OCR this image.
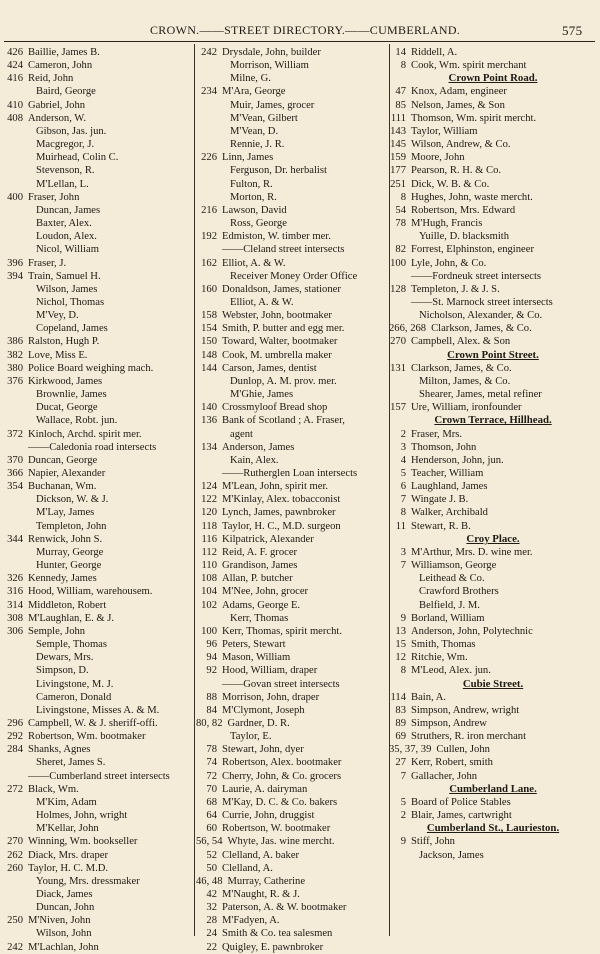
CROWN.——STREET DIRECTORY.——CUMBERLAND.	575
426 Baillie, James B.
424 Cameron, John
416 Reid, John
Baird, George
410 Gabriel, John
408 Anderson, W.
Gibson, Jas. jun.
Macgregor, J.
Muirhead, Colin C.
Stevenson, R.
M'Lellan, L.
400 Fraser, John
Duncan, James
Baxter, Alex.
Loudon, Alex.
Nicol, William
396 Fraser, J.
394 Train, Samuel H.
Wilson, James
Nichol, Thomas
M'Vey, D.
Copeland, James
386 Ralston, Hugh P.
382 Love, Miss E.
380 Police Board weighing mach.
376 Kirkwood, James
Brownlie, James
Ducat, George
Wallace, Robt. jun.
372 Kinloch, Archd. spirit mer.
——Caledonia road intersects
370 Duncan, George
366 Napier, Alexander
354 Buchanan, Wm.
Dickson, W. & J.
M'Lay, James
Templeton, John
344 Renwick, John S.
Murray, George
Hunter, George
326 Kennedy, James
316 Hood, William, warehousem.
314 Middleton, Robert
308 M'Laughlan, E. & J.
306 Semple, John
Semple, Thomas
Dewars, Mrs.
Simpson, D.
Livingstone, M. J.
Cameron, Donald
Livingstone, Misses A. & M.
296 Campbell, W. & J. sheriff-offi.
292 Robertson, Wm. bootmaker
284 Shanks, Agnes
Sheret, James S.
——Cumberland street intersects
272 Black, Wm.
M'Kim, Adam
Holmes, John, wright
M'Kellar, John
270 Winning, Wm. bookseller
262 Diack, Mrs. draper
260 Taylor, H. C. M.D.
Young, Mrs. dressmaker
Diack, James
Duncan, John
250 M'Niven, John
Wilson, John
242 M'Lachlan, John
242 Drysdale, John, builder
Morrison, William
Milne, G.
234 M'Ara, George
Muir, James, grocer
M'Vean, Gilbert
M'Vean, D.
Rennie, J. R.
226 Linn, James
Ferguson, Dr. herbalist
Fulton, R.
Morton, R.
216 Lawson, David
Ross, George
192 Edmiston, W. timber mer.
——Cleland street intersects
162 Elliot, A. & W.
Receiver Money Order Office
160 Donaldson, James, stationer
Elliot, A. & W.
158 Webster, John, bootmaker
154 Smith, P. butter and egg mer.
150 Toward, Walter, bootmaker
148 Cook, M. umbrella maker
144 Carson, James, dentist
Dunlop, A. M. prov. mer.
M'Ghie, James
140 Crossmyloof Bread shop
136 Bank of Scotland ; A. Fraser,
agent
134 Anderson, James
Kain, Alex.
——Rutherglen Loan intersects
124 M'Lean, John, spirit mer.
122 M'Kinlay, Alex. tobacconist
120 Lynch, James, pawnbroker
118 Taylor, H. C., M.D. surgeon
116 Kilpatrick, Alexander
112 Reid, A. F. grocer
110 Grandison, James
108 Allan, P. butcher
104 M'Nee, John, grocer
102 Adams, George E.
Kerr, Thomas
100 Kerr, Thomas, spirit mercht.
96 Peters, Stewart
94 Mason, William
92 Hood, William, draper
——Govan street intersects
88 Morrison, John, draper
84 M'Clymont, Joseph
80, 82 Gardner, D. R.
Taylor, E.
78 Stewart, John, dyer
74 Robertson, Alex. bootmaker
72 Cherry, John, & Co. grocers
70 Laurie, A. dairyman
68 M'Kay, D. C. & Co. bakers
64 Currie, John, druggist
60 Robertson, W. bootmaker
56, 54 Whyte, Jas. wine mercht.
52 Clelland, A. baker
50 Clelland, A.
46, 48 Murray, Catherine
42 M'Naught, R. & J.
32 Paterson, A. & W. bootmaker
28 M'Fadyen, A.
24 Smith & Co. tea salesmen
22 Quigley, E. pawnbroker
14 Riddell, A.
8 Cook, Wm. spirit merchant
Crown Point Road.
47 Knox, Adam, engineer
85 Nelson, James, & Son
111 Thomson, Wm. spirit mercht.
143 Taylor, William
145 Wilson, Andrew, & Co.
159 Moore, John
177 Pearson, R. H. & Co.
251 Dick, W. B. & Co.
8 Hughes, John, waste mercht.
54 Robertson, Mrs. Edward
78 M'Hugh, Francis
Yuille, D. blacksmith
82 Forrest, Elphinston, engineer
100 Lyle, John, & Co.
——Fordneuk street intersects
128 Templeton, J. & J. S.
——St. Marnock street intersects
Nicholson, Alexander, & Co.
266, 268 Clarkson, James, & Co.
270 Campbell, Alex. & Son
Crown Point Street.
131 Clarkson, James, & Co.
Milton, James, & Co.
Shearer, James, metal refiner
157 Ure, William, ironfounder
Crown Terrace, Hillhead.
2 Fraser, Mrs.
3 Thomson, John
4 Henderson, John, jun.
5 Teacher, William
6 Laughland, James
7 Wingate J. B.
8 Walker, Archibald
11 Stewart, R. B.
Croy Place.
3 M'Arthur, Mrs. D. wine mer.
7 Williamson, George
Leithead & Co.
Crawford Brothers
Belfield, J. M.
9 Borland, William
13 Anderson, John, Polytechnic
15 Smith, Thomas
12 Ritchie, Wm.
8 M'Leod, Alex. jun.
Cubie Street.
114 Bain, A.
83 Simpson, Andrew, wright
89 Simpson, Andrew
69 Struthers, R. iron merchant
35, 37, 39 Cullen, John
27 Kerr, Robert, smith
7 Gallacher, John
Cumberland Lane.
5 Board of Police Stables
2 Blair, James, cartwright
Cumberland St., Laurieston.
9 Stiff, John
Jackson, James
